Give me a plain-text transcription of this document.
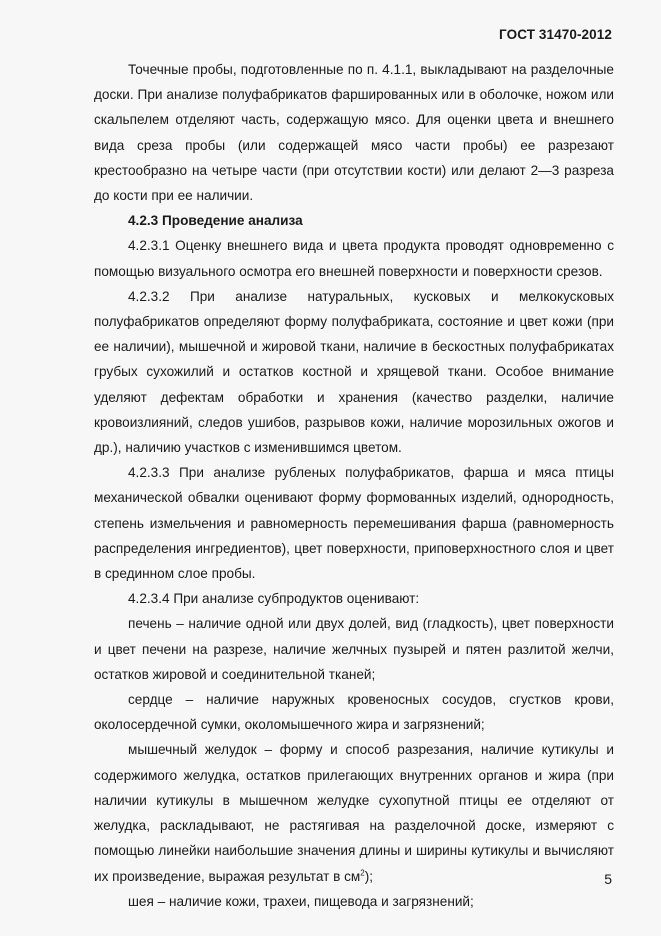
ГОСТ 31470-2012

Точечные пробы, подготовленные по п. 4.1.1, выкладывают на разделочные доски. При анализе полуфабрикатов фаршированных или в оболочке, ножом или скальпелем отделяют часть, содержащую мясо. Для оценки цвета и внешнего вида среза пробы (или содержащей мясо части пробы) ее разрезают крестообразно на четыре части (при отсутствии кости) или делают 2—3 разреза до кости при ее наличии.

4.2.3 Проведение анализа

4.2.3.1 Оценку внешнего вида и цвета продукта проводят одновременно с помощью визуального осмотра его внешней поверхности и поверхности срезов.

4.2.3.2 При анализе натуральных, кусковых и мелкокусковых полуфабрикатов определяют форму полуфабриката, состояние и цвет кожи (при ее наличии), мышечной и жировой ткани, наличие в бескостных полуфабрикатах грубых сухожилий и остатков костной и хрящевой ткани. Особое внимание уделяют дефектам обработки и хранения (качество разделки, наличие кровоизлияний, следов ушибов, разрывов кожи, наличие морозильных ожогов и др.), наличию участков с изменившимся цветом.

4.2.3.3 При анализе рубленых полуфабрикатов, фарша и мяса птицы механической обвалки оценивают форму формованных изделий, однородность, степень измельчения и равномерность перемешивания фарша (равномерность распределения ингредиентов), цвет поверхности, приповерхностного слоя и цвет в срединном слое пробы.

4.2.3.4 При анализе субпродуктов оценивают:

печень – наличие одной или двух долей, вид (гладкость), цвет поверхности и цвет печени на разрезе, наличие желчных пузырей и пятен разлитой желчи, остатков жировой и соединительной тканей;

сердце – наличие наружных кровеносных сосудов, сгустков крови, околосердечной сумки, околомышечного жира и загрязнений;

мышечный желудок – форму и способ разрезания, наличие кутикулы и содержимого желудка, остатков прилегающих внутренних органов и жира (при наличии кутикулы в мышечном желудке сухопутной птицы ее отделяют от желудка, раскладывают, не растягивая на разделочной доске, измеряют с помощью линейки наибольшие значения длины и ширины кутикулы и вычисляют их произведение, выражая результат в $см^2$);

шея – наличие кожи, трахеи, пищевода и загрязнений;

5
